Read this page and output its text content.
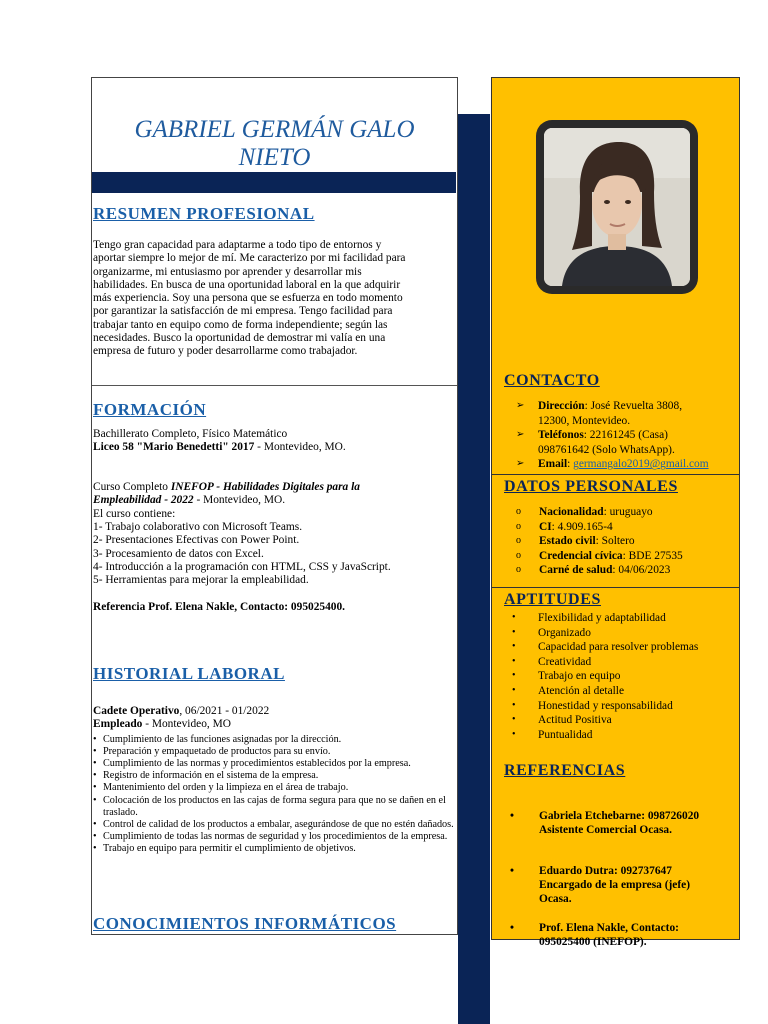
GABRIEL GERMÁN GALO
NIETO
RESUMEN PROFESIONAL
Tengo gran capacidad para adaptarme a todo tipo de entornos y
aportar siempre lo mejor de mí. Me caracterizo por mi facilidad para
organizarme, mi entusiasmo por aprender y desarrollar mis
habilidades. En busca de una oportunidad laboral en la que adquirir
más experiencia. Soy una persona que se esfuerza en todo momento
por garantizar la satisfacción de mi empresa. Tengo facilidad para
trabajar tanto en equipo como de forma independiente; según las
necesidades. Busco la oportunidad de demostrar mi valía en una
empresa de futuro y poder desarrollarme como trabajador.
FORMACIÓN
Bachillerato Completo, Físico Matemático
Liceo 58 "Mario Benedetti" 2017 - Montevideo, MO.
Curso Completo INEFOP - Habilidades Digitales para la
Empleabilidad - 2022 - Montevideo, MO.
El curso contiene:
1- Trabajo colaborativo con Microsoft Teams.
2- Presentaciones Efectivas con Power Point.
3- Procesamiento de datos con Excel.
4- Introducción a la programación con HTML, CSS y JavaScript.
5- Herramientas para mejorar la empleabilidad.
Referencia Prof. Elena Nakle, Contacto: 095025400.
HISTORIAL LABORAL
Cadete Operativo, 06/2021 - 01/2022
Empleado - Montevideo, MO
• Cumplimiento de las funciones asignadas por la dirección.
• Preparación y empaquetado de productos para su envío.
• Cumplimiento de las normas y procedimientos establecidos por la empresa.
• Registro de información en el sistema de la empresa.
• Mantenimiento del orden y la limpieza en el área de trabajo.
• Colocación de los productos en las cajas de forma segura para que no se dañen en el traslado.
• Control de calidad de los productos a embalar, asegurándose de que no estén dañados.
• Cumplimiento de todas las normas de seguridad y los procedimientos de la empresa.
• Trabajo en equipo para permitir el cumplimiento de objetivos.
CONOCIMIENTOS INFORMÁTICOS
CONTACTO
➢ Dirección: José Revuelta 3808,
12300, Montevideo.
➢ Teléfonos: 22161245 (Casa)
098761642 (Solo WhatsApp).
➢ Email: germangalo2019@gmail.com
DATOS PERSONALES
o Nacionalidad: uruguayo
o CI: 4.909.165-4
o Estado civil: Soltero
o Credencial cívica: BDE 27535
o Carné de salud: 04/06/2023
APTITUDES
• Flexibilidad y adaptabilidad
• Organizado
• Capacidad para resolver problemas
• Creatividad
• Trabajo en equipo
• Atención al detalle
• Honestidad y responsabilidad
• Actitud Positiva
• Puntualidad
REFERENCIAS
• Gabriela Etchebarne: 098726020
Asistente Comercial Ocasa.
• Eduardo Dutra: 092737647
Encargado de la empresa (jefe)
Ocasa.
• Prof. Elena Nakle, Contacto:
095025400 (INEFOP).
